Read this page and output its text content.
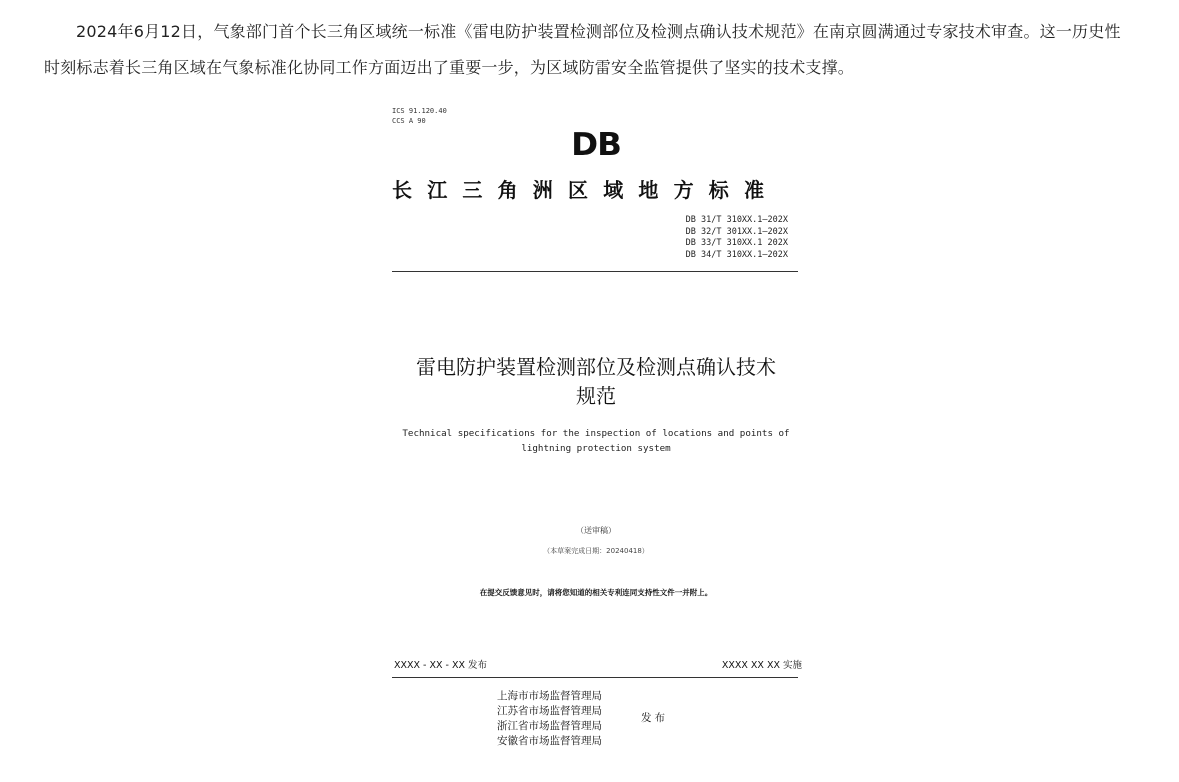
2024年6月12日，气象部门首个长三角区域统一标准《雷电防护装置检测部位及检测点确认技术规范》在南京圆满通过专家技术审查。这一历史性时刻标志着长三角区域在气象标准化协同工作方面迈出了重要一步，为区域防雷安全监管提供了坚实的技术支撑。

ICS 91.120.40
CCS A 90
DB
长江三角洲区域地方标准
DB 31/T 310XX.1—202X
DB 32/T 301XX.1—202X
DB 33/T 310XX.1 202X
DB 34/T 310XX.1—202X
雷电防护装置检测部位及检测点确认技术
规范
Technical specifications for the inspection of locations and points of
lightning protection system
（送审稿）
（本草案完成日期：20240418）
在提交反馈意见时，请将您知道的相关专利连同支持性文件一并附上。
XXXX - XX - XX 发布	XXXX XX XX 实施
上海市市场监督管理局
江苏省市场监督管理局
浙江省市场监督管理局
安徽省市场监督管理局
发布
